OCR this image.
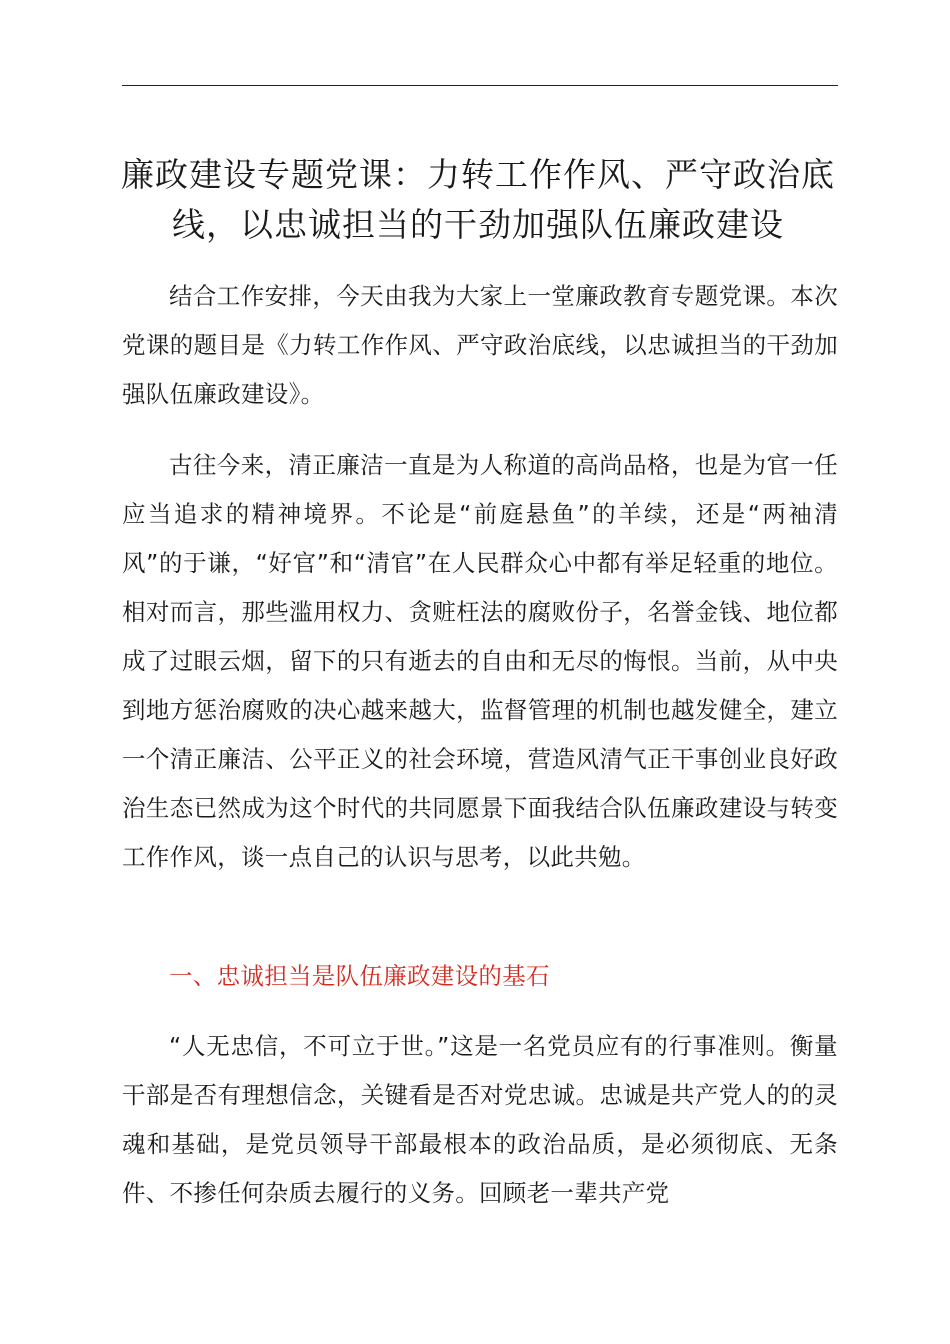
廉政建设专题党课：力转工作作风、严守政治底线，以忠诚担当的干劲加强队伍廉政建设

结合工作安排，今天由我为大家上一堂廉政教育专题党课。本次党课的题目是《力转工作作风、严守政治底线，以忠诚担当的干劲加强队伍廉政建设》。

古往今来，清正廉洁一直是为人称道的高尚品格，也是为官一任应当追求的精神境界。不论是“前庭悬鱼”的羊续，还是“两袖清风”的于谦，“好官”和“清官”在人民群众心中都有举足轻重的地位。相对而言，那些滥用权力、贪赃枉法的腐败份子，名誉金钱、地位都成了过眼云烟，留下的只有逝去的自由和无尽的悔恨。当前，从中央到地方惩治腐败的决心越来越大，监督管理的机制也越发健全，建立一个清正廉洁、公平正义的社会环境，营造风清气正干事创业良好政治生态已然成为这个时代的共同愿景下面我结合队伍廉政建设与转变工作作风，谈一点自己的认识与思考，以此共勉。

一、忠诚担当是队伍廉政建设的基石

“人无忠信，不可立于世。”这是一名党员应有的行事准则。衡量干部是否有理想信念，关键看是否对党忠诚。忠诚是共产党人的的灵魂和基础，是党员领导干部最根本的政治品质，是必须彻底、无条件、不掺任何杂质去履行的义务。回顾老一辈共产党
